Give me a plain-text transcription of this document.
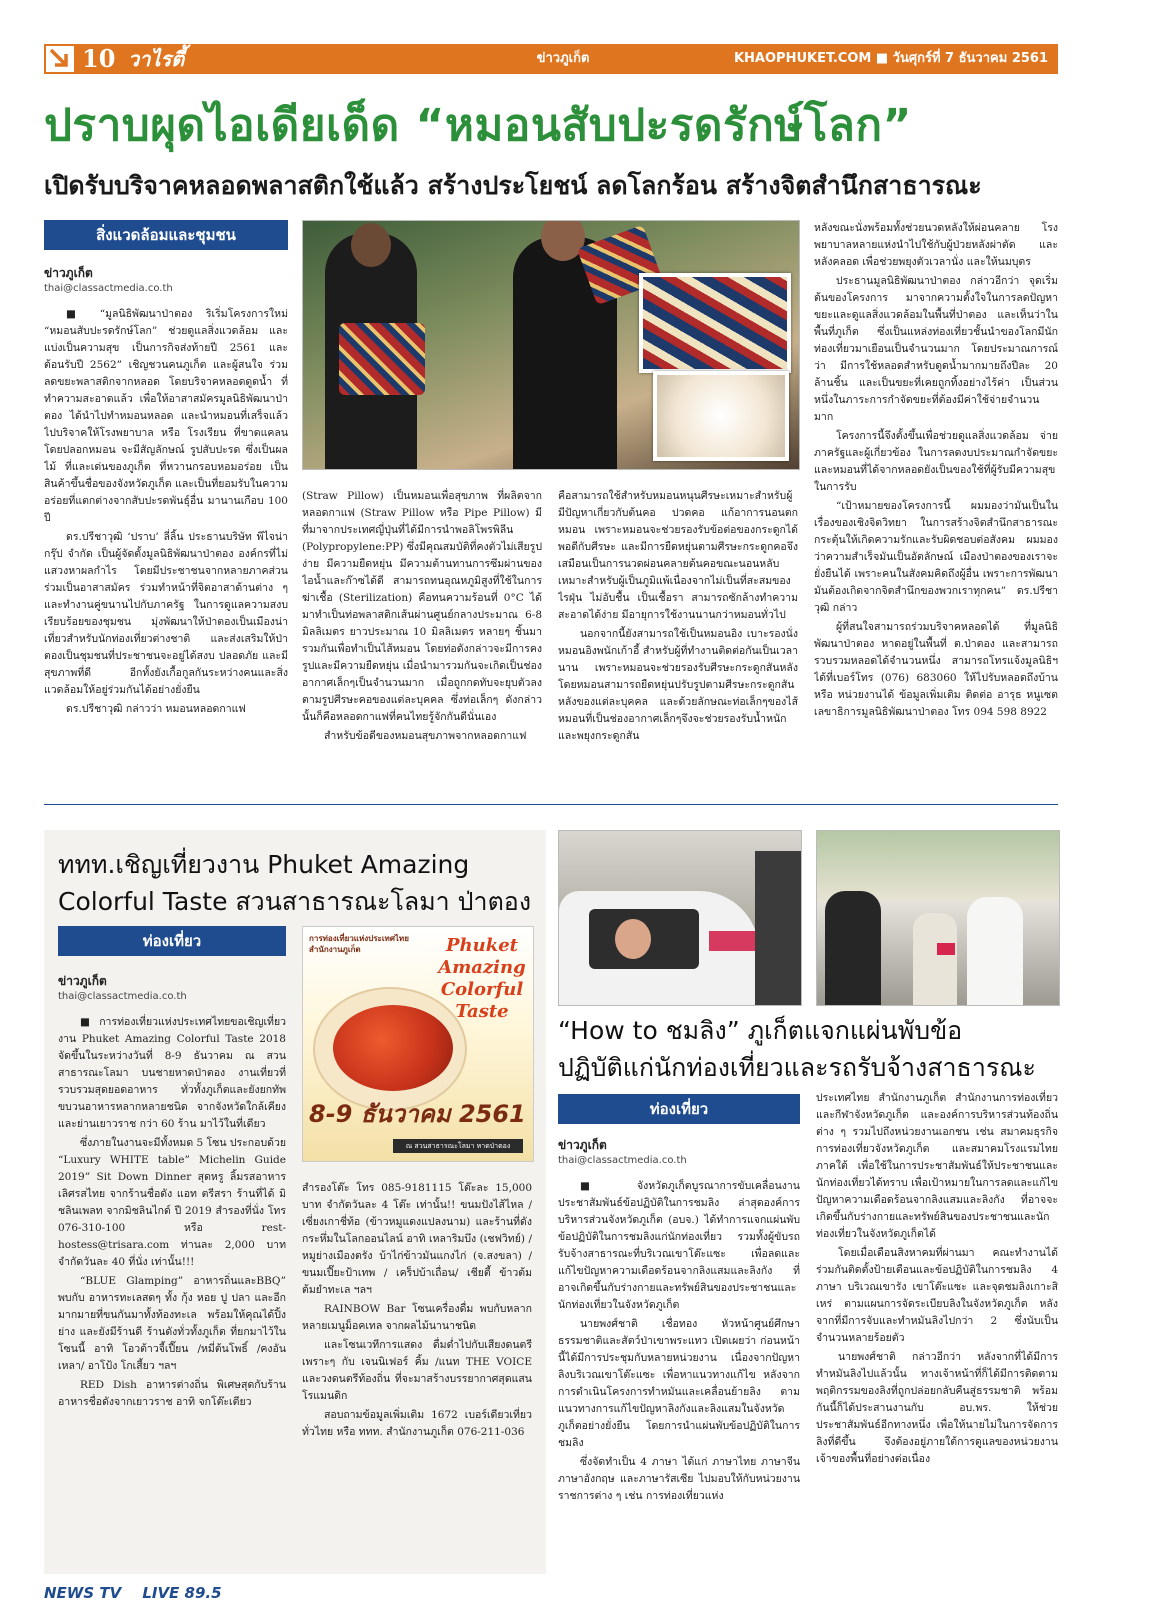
10 วาไรตี้	ข่าวภูเก็ต	KHAOPHUKET.COM ■ วันศุกร์ที่ 7 ธันวาคม 2561
ปราบผุดไอเดียเด็ด “หมอนสับปะรดรักษ์โลก”
เปิดรับบริจาคหลอดพลาสติกใช้แล้ว สร้างประโยชน์ ลดโลกร้อน สร้างจิตสำนึกสาธารณะ
สิ่งแวดล้อมและชุมชน
ข่าวภูเก็ต
thai@classactmedia.co.th

■ “มูลนิธิพัฒนาป่าตอง ริเริ่มโครงการใหม่ “หมอนสับปะรดรักษ์โลก” ช่วยดูแลสิ่งแวดล้อม และแบ่งเป็นความสุข เป็นการกิจส่งท้ายปี 2561 และต้อนรับปี 2562” เชิญชวนคนภูเก็ต และผู้สนใจ ร่วมลดขยะพลาสติกจากหลอด โดยบริจาคหลอดดูดน้ำ ที่ทำความสะอาดแล้ว เพื่อให้อาสาสมัครมูลนิธิพัฒนาป่าตอง ได้นำไปทำหมอนหลอด และนำหมอนที่เสร็จแล้ว ไปบริจาคให้โรงพยาบาล หรือ โรงเรียน ที่ขาดแคลน โดยปลอกหมอน จะมีสัญลักษณ์ รูปสับปะรด ซึ่งเป็นผลไม้ ที่และเด่นของภูเก็ต ที่หวานกรอบหอมอร่อย เป็นสินค้าขึ้นชื่อของจังหวัดภูเก็ต และเป็นที่ยอมรับในความอร่อยที่แตกต่างจากสับปะรดพันธุ์อื่น มานานเกือบ 100 ปี

ดร.ปรีชาวุฒิ ‘ปราบ’ ลี่ลิ้น ประธานบริษัท พีไจน่า กรุ๊ป จำกัด เป็นผู้จัดตั้งมูลนิธิพัฒนาป่าตอง องค์กรที่ไม่แสวงหาผลกำไร โดยมีประชาชนจากหลายภาคส่วนร่วมเป็นอาสาสมัคร ร่วมทำหน้าที่จิตอาสาด้านต่าง ๆ และทำงานคู่ขนานไปกับภาครัฐ ในการดูแลความสงบเรียบร้อยของชุมชน มุ่งพัฒนาให้ป่าตองเป็นเมืองน่าเที่ยวสำหรับนักท่องเที่ยวต่างชาติ และส่งเสริมให้ป่าตองเป็นชุมชนที่ประชาชนจะอยู่ได้สงบ ปลอดภัย และมีสุขภาพที่ดี อีกทั้งยังเกื้อกูลกันระหว่างคนและสิ่งแวดล้อมให้อยู่ร่วมกันได้อย่างยั่งยืน

ดร.ปรีชาวุฒิ กล่าวว่า หมอนหลอดกาแฟ

(Straw Pillow) เป็นหมอนเพื่อสุขภาพ ที่ผลิตจากหลอดกาแฟ (Straw Pillow หรือ Pipe Pillow) มีที่มาจากประเทศญี่ปุ่นที่ได้มีการนำพอลิโพรพิลีน (Polypropylene:PP) ซึ่งมีคุณสมบัติที่คงตัวไม่เสียรูปง่าย มีความยืดหยุ่น มีความต้านทานการซึมผ่านของไอน้ำและก๊าซได้ดี สามารถทนอุณหภูมิสูงที่ใช้ในการฆ่าเชื้อ (Sterilization) คือทนความร้อนที่ 0°C ได้ มาทำเป็นท่อพลาสติกเส้นผ่านศูนย์กลางประมาณ 6-8 มิลลิเมตร ยาวประมาณ 10 มิลลิเมตร หลายๆ ชิ้นมารวมกันเพื่อทำเป็นไส้หมอน โดยท่อดังกล่าวจะมีการคงรูปและมีความยืดหยุ่น เมื่อนำมารวมกันจะเกิดเป็นช่องอากาศเล็กๆเป็นจำนวนมาก เมื่อถูกกดทับจะยุบตัวลงตามรูปศีรษะคอของแต่ละบุคคล ซึ่งท่อเล็กๆ ดังกล่าวนั้นก็คือหลอดกาแฟที่คนไทยรู้จักกันดีนั่นเอง

สำหรับข้อดีของหมอนสุขภาพจากหลอดกาแฟ

คือสามารถใช้สำหรับหมอนหนุนศีรษะเหมาะสำหรับผู้มีปัญหาเกี่ยวกับต้นคอ ปวดคอ แก้อาการนอนตกหมอน เพราะหมอนจะช่วยรองรับข้อต่อของกระดูกได้พอดีกับศีรษะ และมีการยืดหยุ่นตามศีรษะกระดูกคอจึงเสมือนเป็นการนวดผ่อนคลายต้นคอขณะนอนหลับ เหมาะสำหรับผู้เป็นภูมิแพ้เนื่องจากไม่เป็นที่สะสมของไรฝุ่น ไม่อับชื้น เป็นเชื้อรา สามารถซักล้างทำความสะอาดได้ง่าย มีอายุการใช้งานนานกว่าหมอนทั่วไป

นอกจากนี้ยังสามารถใช้เป็นหมอนอิง เบาะรองนั่ง หมอนอิงพนักเก้าอี้ สำหรับผู้ที่ทำงานติดต่อกันเป็นเวลานาน เพราะหมอนจะช่วยรองรับศีรษะกระดูกสันหลัง โดยหมอนสามารถยืดหยุ่นปรับรูปตามศีรษะกระดูกสันหลังของแต่ละบุคคล และด้วยลักษณะท่อเล็กๆของไส้หมอนที่เป็นช่องอากาศเล็กๆจึงจะช่วยรองรับน้ำหนักและพยุงกระดูกสัน

หลังขณะนั่งพร้อมทั้งช่วยนวดหลังให้ผ่อนคลาย โรงพยาบาลหลายแห่งนำไปใช้กับผู้ป่วยหลังผ่าตัด และหลังคลอด เพื่อช่วยพยุงตัวเวลานั่ง และให้นมบุตร

ประธานมูลนิธิพัฒนาป่าตอง กล่าวอีกว่า จุดเริ่มต้นของโครงการ มาจากความตั้งใจในการลดปัญหาขยะและดูแลสิ่งแวดล้อมในพื้นที่ป่าตอง และเห็นว่าในพื้นที่ภูเก็ต ซึ่งเป็นแหล่งท่องเที่ยวชั้นนำของโลกมีนักท่องเที่ยวมาเยือนเป็นจำนวนมาก โดยประมาณการณ์ว่า มีการใช้หลอดสำหรับดูดน้ำมากมายถึงปีละ 20 ล้านชิ้น และเป็นขยะที่เคยถูกทิ้งอย่างไร้ค่า เป็นส่วนหนึ่งในภาระการกำจัดขยะที่ต้องมีค่าใช้จ่ายจำนวนมาก

โครงการนี้จึงตั้งขึ้นเพื่อช่วยดูแลสิ่งแวดล้อม จ่ายภาครัฐและผู้เกี่ยวข้อง ในการลดงบประมาณกำจัดขยะ และหมอนที่ได้จากหลอดยังเป็นของใช้ที่ผู้รับมีความสุขในการรับ

“เป้าหมายของโครงการนี้ ผมมองว่ามันเป็นในเรื่องของเชิงจิตวิทยา ในการสร้างจิตสำนึกสาธารณะ กระตุ้นให้เกิดความรักและรับผิดชอบต่อสังคม ผมมองว่าความสำเร็จมันเป็นอัตลักษณ์ เมืองป่าตองของเราจะยั่งยืนได้ เพราะคนในสังคมคิดถึงผู้อื่น เพราะการพัฒนามันต้องเกิดจากจิตสำนึกของพวกเราทุกคน” ดร.ปรีชาวุฒิ กล่าว

ผู้ที่สนใจสามารถร่วมบริจาคหลอดได้ ที่มูลนิธิพัฒนาป่าตอง หาดอยู่ในพื้นที่ ต.ป่าตอง และสามารถรวบรวมหลอดได้จำนวนหนึ่ง สามารถโทรแจ้งมูลนิธิฯ ได้ที่เบอร์โทร (076) 683060 ให้ไปรับหลอดถึงบ้านหรือ หน่วยงานได้ ข้อมูลเพิ่มเติม ติดต่อ อารุธ หนูเซต เลขาธิการมูลนิธิพัฒนาป่าตอง โทร 094 598 8922

ททท.เชิญเที่ยวงาน Phuket Amazing
Colorful Taste สวนสาธารณะโลมา ป่าตอง
ท่องเที่ยว
ข่าวภูเก็ต
thai@classactmedia.co.th

■ การท่องเที่ยวแห่งประเทศไทยขอเชิญเที่ยวงาน Phuket Amazing Colorful Taste 2018 จัดขึ้นในระหว่างวันที่ 8-9 ธันวาคม ณ สวนสาธารณะโลมา บนชายหาดป่าตอง งานเที่ยวที่รวบรวมสุดยอดอาหาร ทั่วทั้งภูเก็ตและยังยกทัพขบวนอาหารหลากหลายชนิด จากจังหวัดใกล้เคียง และย่านเยาวราช กว่า 60 ร้าน มาไว้ในที่เดียว

ซึ่งภายในงานจะมีทั้งหมด 5 โซน ประกอบด้วย “Luxury WHITE table” Michelin Guide 2019” Sit Down Dinner สุดหรู ลิ้มรสอาหารเลิศรสไทย จากร้านชื่อดัง แอท ตรีสรา ร้านที่ได้ มิชลินเพลท จากมิชลินไกด์ ปี 2019 สำรองที่นั่ง โทร 076-310-100 หรือ rest-hostess@trisara.com ท่านละ 2,000 บาท จำกัดวันละ 40 ที่นั่ง เท่านั้น!!!

“BLUE Glamping” อาหารถิ่นและBBQ” พบกับ อาหารทะเลสดๆ ทั้ง กุ้ง หอย ปู ปลา และอีกมากมายที่ขนกันมาทั้งท้องทะเล พร้อมให้คุณได้ปิ้งย่าง และยังมีร้านดี ร้านดังทั่วทั้งภูเก็ต ที่ยกมาไว้ในโซนนี้ อาทิ โอวต้าวจี้เปี๊ยน /หมี่ต้นโพธิ์ /คงอันเหลา/ อาโป้ง โกเสี้ยว ฯลฯ

RED Dish อาหารต่างถิ่น พิเศษสุดกับร้านอาหารชื่อดังจากเยาวราช อาทิ จกโต๊ะเตียว

การท่องเที่ยวแห่งประเทศไทย สำนักงานภูเก็ต	Phuket Amazing Colorful Taste
8-9 ธันวาคม 2561
ณ สวนสาธารณะโลมา หาดป่าตอง

สำรองโต๊ะ โทร 085-9181115 โต๊ะละ 15,000 บาท จำกัดวันละ 4 โต๊ะ เท่านั้น!! ขนมปังไส้ไหล /เซี่ยงเกาชี่ท้อ (ข้าวหมูแดงแปลงนาม) และร้านที่ดังกระหึ่มในโลกออนไลน์ อาทิ เหลาริมบึง (เชฟวิทย์) /หมูย่างเมืองตรัง บ้าไก่ข้าวมันแกงไก่ (จ.สงขลา) /ขนมเปี๊ยะป้าเทพ / เคร็ปบ้าเถื่อน/ เชียตี้ ข้าวต้มต้มยำทะเล ฯลฯ

RAINBOW Bar โซนเครื่องดื่ม พบกับหลากหลายเมนูม็อคเทล จากผลไม้นานาชนิด

และโซนเวทีการแสดง ดื่มด่ำไปกับเสียงดนตรีเพราะๆ กับ เจนนิเฟอร์ คิ้ม /แนท THE VOICE และวงดนตรีท้องถิ่น ที่จะมาสร้างบรรยากาศสุดแสนโรแมนติก

สอบถามข้อมูลเพิ่มเติม 1672 เบอร์เดียวเที่ยวทั่วไทย หรือ ททท. สำนักงานภูเก็ต 076-211-036

“How to ชมลิง” ภูเก็ตแจกแผ่นพับข้อ
ปฏิบัติแก่นักท่องเที่ยวและรถรับจ้างสาธารณะ
ท่องเที่ยว
ข่าวภูเก็ต
thai@classactmedia.co.th

■ จังหวัดภูเก็ตบูรณาการขับเคลื่อนงานประชาสัมพันธ์ข้อปฏิบัติในการชมลิง ล่าสุดองค์การบริหารส่วนจังหวัดภูเก็ต (อบจ.) ได้ทำการแจกแผ่นพับข้อปฏิบัติในการชมลิงแก่นักท่องเที่ยว รวมทั้งผู้ขับรถรับจ้างสาธารณะที่บริเวณเขาโต๊ะแซะ เพื่อลดและแก้ไขปัญหาความเดือดร้อนจากลิงแสมและลิงกัง ที่อาจเกิดขึ้นกับร่างกายและทรัพย์สินของประชาชนและนักท่องเที่ยวในจังหวัดภูเก็ต

นายพงศ์ชาติ เชื่อทอง หัวหน้าศูนย์ศึกษาธรรมชาติและสัตว์ป่าเขาพระแทว เปิดเผยว่า ก่อนหน้านี้ได้มีการประชุมกับหลายหน่วยงาน เนื่องจากปัญหาลิงบริเวณเขาโต๊ะแซะ เพื่อหาแนวทางแก้ไข หลังจากการดำเนินโครงการทำหมันและเคลื่อนย้ายลิง ตามแนวทางการแก้ไขปัญหาลิงกังและลิงแสมในจังหวัดภูเก็ตอย่างยั่งยืน โดยการนำแผ่นพับข้อปฏิบัติในการชมลิง

ซึ่งจัดทำเป็น 4 ภาษา ได้แก่ ภาษาไทย ภาษาจีน ภาษาอังกฤษ และภาษารัสเซีย ไปมอบให้กับหน่วยงานราชการต่าง ๆ เช่น การท่องเที่ยวแห่ง

ประเทศไทย สำนักงานภูเก็ต สำนักงานการท่องเที่ยวและกีฬาจังหวัดภูเก็ต และองค์การบริหารส่วนท้องถิ่นต่าง ๆ รวมไปถึงหน่วยงานเอกชน เช่น สมาคมธุรกิจการท่องเที่ยวจังหวัดภูเก็ต และสมาคมโรงแรมไทยภาคใต้ เพื่อใช้ในการประชาสัมพันธ์ให้ประชาชนและนักท่องเที่ยวได้ทราบ เพื่อเป้าหมายในการลดและแก้ไขปัญหาความเดือดร้อนจากลิงแสมและลิงกัง ที่อาจจะเกิดขึ้นกับร่างกายและทรัพย์สินของประชาชนและนักท่องเที่ยวในจังหวัดภูเก็ตได้

โดยเมื่อเดือนสิงหาคมที่ผ่านมา คณะทำงานได้ร่วมกันติดตั้งป้ายเตือนและข้อปฏิบัติในการชมลิง 4 ภาษา บริเวณเขารัง เขาโต๊ะแซะ และจุดชมลิงเกาะสิเหร่ ตามแผนการจัดระเบียบลิงในจังหวัดภูเก็ต หลังจากที่มีการจับและทำหมันลิงไปกว่า 2 ซึ่งนับเป็นจำนวนหลายร้อยตัว

นายพงศ์ชาติ กล่าวอีกว่า หลังจากที่ได้มีการทำหมันลิงไปแล้วนั้น ทางเจ้าหน้าที่ก็ได้มีการติดตามพฤติกรรมของลิงที่ถูกปล่อยกลับคืนสู่ธรรมชาติ พร้อมกันนี้ก็ได้ประสานงานกับ อบ.พร. ให้ช่วยประชาสัมพันธ์อีกทางหนึ่ง เพื่อให้นายไม่ในการจัดการลิงที่ดีขึ้น จึงต้องอยู่ภายใต้การดูแลของหน่วยงานเจ้าของพื้นที่อย่างต่อเนื่อง

NEWS TV LIVE 89.5
